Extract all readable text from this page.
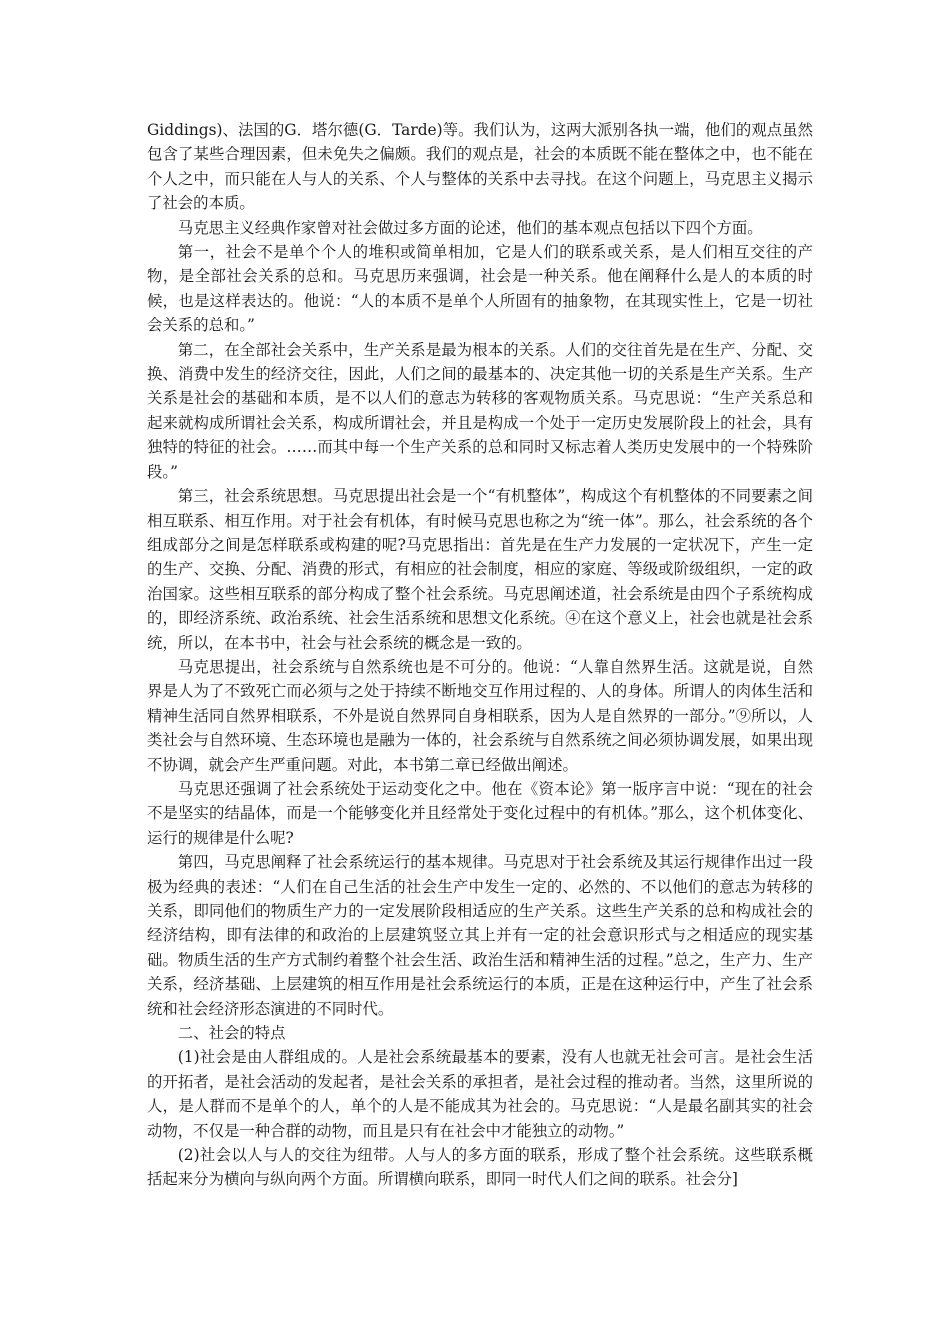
Giddings)、法国的G．塔尔德(G．Tarde)等。我们认为，这两大派别各执一端，他们的观点虽然包含了某些合理因素，但未免失之偏颇。我们的观点是，社会的本质既不能在整体之中，也不能在个人之中，而只能在人与人的关系、个人与整体的关系中去寻找。在这个问题上，马克思主义揭示了社会的本质。

马克思主义经典作家曾对社会做过多方面的论述，他们的基本观点包括以下四个方面。

第一，社会不是单个个人的堆积或简单相加，它是人们的联系或关系，是人们相互交往的产物，是全部社会关系的总和。马克思历来强调，社会是一种关系。他在阐释什么是人的本质的时候，也是这样表达的。他说：“人的本质不是单个人所固有的抽象物，在其现实性上，它是一切社会关系的总和。”

第二，在全部社会关系中，生产关系是最为根本的关系。人们的交往首先是在生产、分配、交换、消费中发生的经济交往，因此，人们之间的最基本的、决定其他一切的关系是生产关系。生产关系是社会的基础和本质，是不以人们的意志为转移的客观物质关系。马克思说：“生产关系总和起来就构成所谓社会关系，构成所谓社会，并且是构成一个处于一定历史发展阶段上的社会，具有独特的特征的社会。……而其中每一个生产关系的总和同时又标志着人类历史发展中的一个特殊阶段。”

第三，社会系统思想。马克思提出社会是一个“有机整体”，构成这个有机整体的不同要素之间相互联系、相互作用。对于社会有机体，有时候马克思也称之为“统一体”。那么，社会系统的各个组成部分之间是怎样联系或构建的呢?马克思指出：首先是在生产力发展的一定状况下，产生一定的生产、交换、分配、消费的形式，有相应的社会制度，相应的家庭、等级或阶级组织，一定的政治国家。这些相互联系的部分构成了整个社会系统。马克思阐述道，社会系统是由四个子系统构成的，即经济系统、政治系统、社会生活系统和思想文化系统。④在这个意义上，社会也就是社会系统，所以，在本书中，社会与社会系统的概念是一致的。

马克思提出，社会系统与自然系统也是不可分的。他说：“人靠自然界生活。这就是说，自然界是人为了不致死亡而必须与之处于持续不断地交互作用过程的、人的身体。所谓人的肉体生活和精神生活同自然界相联系，不外是说自然界同自身相联系，因为人是自然界的一部分。”⑨所以，人类社会与自然环境、生态环境也是融为一体的，社会系统与自然系统之间必须协调发展，如果出现不协调，就会产生严重问题。对此，本书第二章已经做出阐述。

马克思还强调了社会系统处于运动变化之中。他在《资本论》第一版序言中说：“现在的社会不是坚实的结晶体，而是一个能够变化并且经常处于变化过程中的有机体。”那么，这个机体变化、运行的规律是什么呢?

第四，马克思阐释了社会系统运行的基本规律。马克思对于社会系统及其运行规律作出过一段极为经典的表述：“人们在自己生活的社会生产中发生一定的、必然的、不以他们的意志为转移的关系，即同他们的物质生产力的一定发展阶段相适应的生产关系。这些生产关系的总和构成社会的经济结构，即有法律的和政治的上层建筑竖立其上并有一定的社会意识形式与之相适应的现实基础。物质生活的生产方式制约着整个社会生活、政治生活和精神生活的过程。”总之，生产力、生产关系，经济基础、上层建筑的相互作用是社会系统运行的本质，正是在这种运行中，产生了社会系统和社会经济形态演进的不同时代。

二、社会的特点

(1)社会是由人群组成的。人是社会系统最基本的要素，没有人也就无社会可言。是社会生活的开拓者，是社会活动的发起者，是社会关系的承担者，是社会过程的推动者。当然，这里所说的人，是人群而不是单个的人，单个的人是不能成其为社会的。马克思说：“人是最名副其实的社会动物，不仅是一种合群的动物，而且是只有在社会中才能独立的动物。”

(2)社会以人与人的交往为纽带。人与人的多方面的联系，形成了整个社会系统。这些联系概括起来分为横向与纵向两个方面。所谓横向联系，即同一时代人们之间的联系。社会分]
